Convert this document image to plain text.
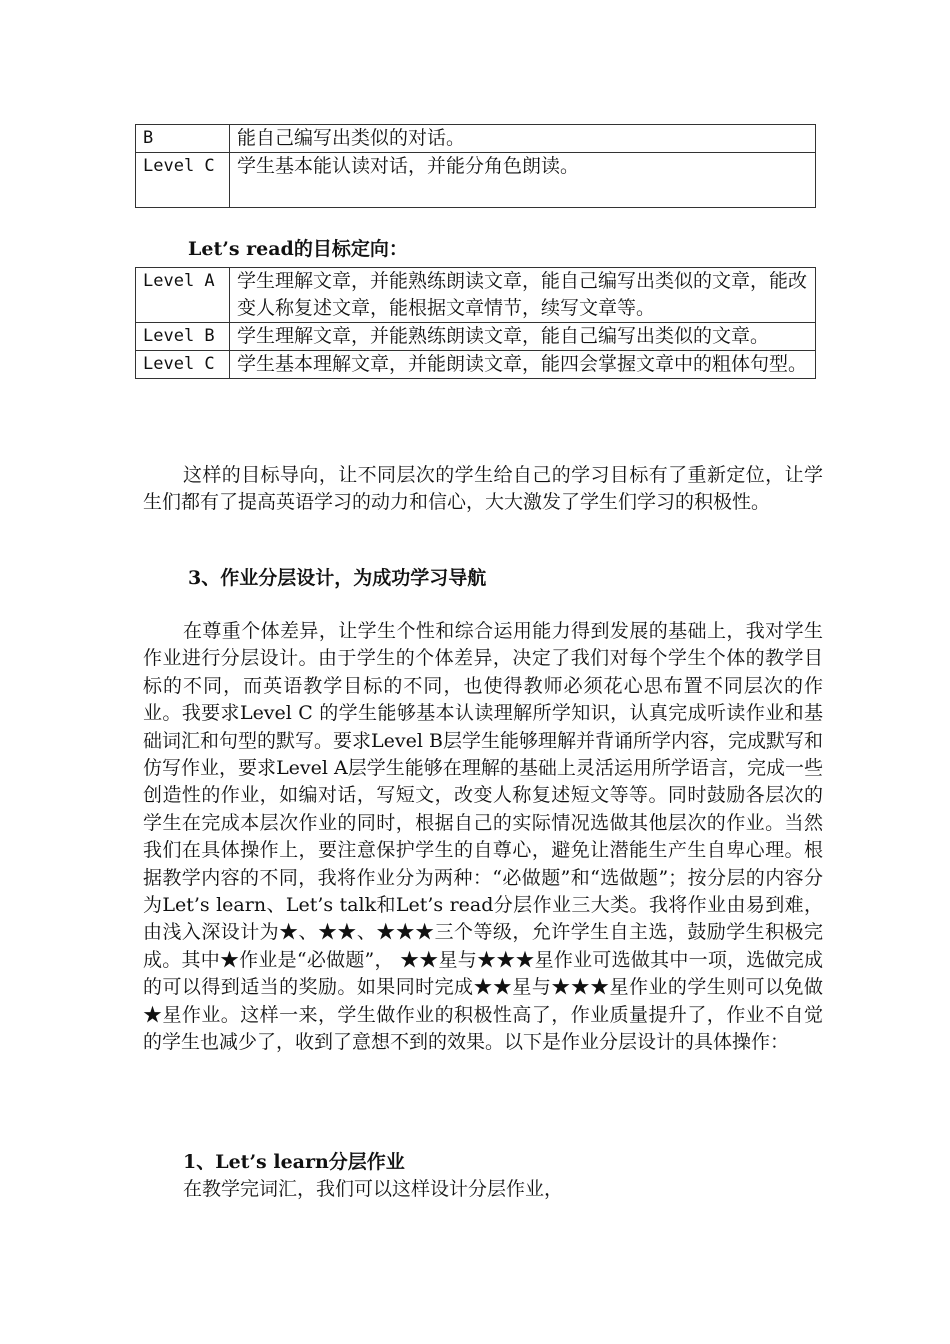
B	能自己编写出类似的对话。
Level C	学生基本能认读对话，并能分角色朗读。
Let’s read的目标定向：
Level A	学生理解文章，并能熟练朗读文章，能自己编写出类似的文章，能改变人称复述文章，能根据文章情节，续写文章等。
Level B	学生理解文章，并能熟练朗读文章，能自己编写出类似的文章。
Level C	学生基本理解文章，并能朗读文章，能四会掌握文章中的粗体句型。

这样的目标导向，让不同层次的学生给自己的学习目标有了重新定位，让学生们都有了提高英语学习的动力和信心，大大激发了学生们学习的积极性。

3、作业分层设计，为成功学习导航

在尊重个体差异，让学生个性和综合运用能力得到发展的基础上，我对学生作业进行分层设计。由于学生的个体差异，决定了我们对每个学生个体的教学目标的不同，而英语教学目标的不同，也使得教师必须花心思布置不同层次的作业。我要求Level C 的学生能够基本认读理解所学知识，认真完成听读作业和基础词汇和句型的默写。要求Level B层学生能够理解并背诵所学内容，完成默写和仿写作业，要求Level A层学生能够在理解的基础上灵活运用所学语言，完成一些创造性的作业，如编对话，写短文，改变人称复述短文等等。同时鼓励各层次的学生在完成本层次作业的同时，根据自己的实际情况选做其他层次的作业。当然我们在具体操作上，要注意保护学生的自尊心，避免让潜能生产生自卑心理。根据教学内容的不同，我将作业分为两种：“必做题”和“选做题”；按分层的内容分为Let’s learn、Let’s talk和Let’s read分层作业三大类。我将作业由易到难，由浅入深设计为★、★★、★★★三个等级，允许学生自主选，鼓励学生积极完成。其中★作业是“必做题”， ★★星与★★★星作业可选做其中一项，选做完成的可以得到适当的奖励。如果同时完成★★星与★★★星作业的学生则可以免做★星作业。这样一来，学生做作业的积极性高了，作业质量提升了，作业不自觉的学生也减少了，收到了意想不到的效果。以下是作业分层设计的具体操作：

1、Let’s learn分层作业
在教学完词汇，我们可以这样设计分层作业，
